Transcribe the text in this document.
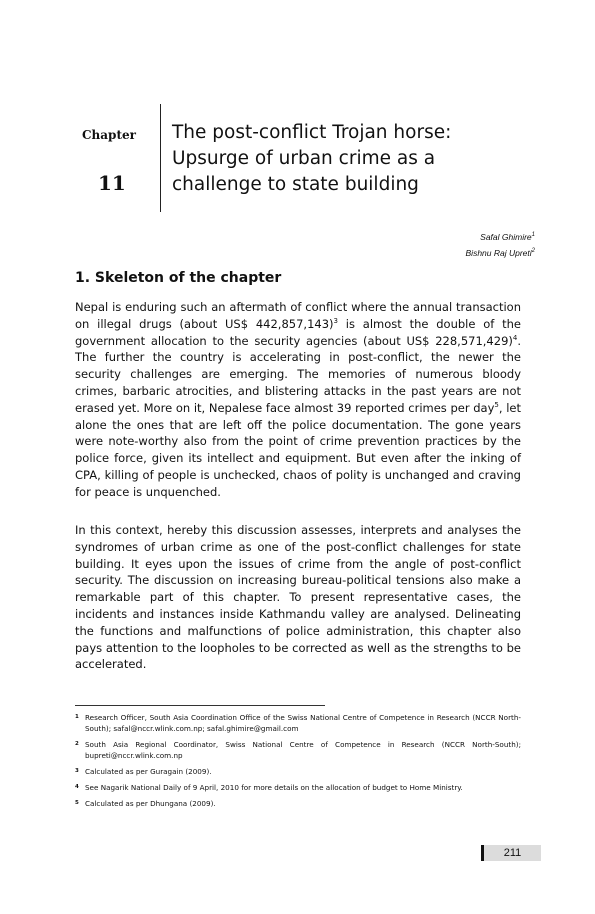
Chapter
11
The post-conflict Trojan horse:
Upsurge of urban crime as a
challenge to state building
Safal Ghimire$^1$
Bishnu Raj Upreti$^2$
1. Skeleton of the chapter
Nepal is enduring such an aftermath of conflict where the annual transaction on illegal drugs (about US$ 442,857,143)$^3$ is almost the double of the government allocation to the security agencies (about US$ 228,571,429)$^4$. The further the country is accelerating in post-conflict, the newer the security challenges are emerging. The memories of numerous bloody crimes, barbaric atrocities, and blistering attacks in the past years are not erased yet. More on it, Nepalese face almost 39 reported crimes per day$^5$, let alone the ones that are left off the police documentation. The gone years were note-worthy also from the point of crime prevention practices by the police force, given its intellect and equipment. But even after the inking of CPA, killing of people is unchecked, chaos of polity is unchanged and craving for peace is unquenched.
In this context, hereby this discussion assesses, interprets and analyses the syndromes of urban crime as one of the post-conflict challenges for state building. It eyes upon the issues of crime from the angle of post-conflict security. The discussion on increasing bureau-political tensions also make a remarkable part of this chapter. To present representative cases, the incidents and instances inside Kathmandu valley are analysed. Delineating the functions and malfunctions of police administration, this chapter also pays attention to the loopholes to be corrected as well as the strengths to be accelerated.
1 Research Officer, South Asia Coordination Office of the Swiss National Centre of Competence in Research (NCCR North-South); safal@nccr.wlink.com.np; safal.ghimire@gmail.com
2 South Asia Regional Coordinator, Swiss National Centre of Competence in Research (NCCR North-South); bupreti@nccr.wlink.com.np
3 Calculated as per Guragain (2009).
4 See Nagarik National Daily of 9 April, 2010 for more details on the allocation of budget to Home Ministry.
5 Calculated as per Dhungana (2009).
211
